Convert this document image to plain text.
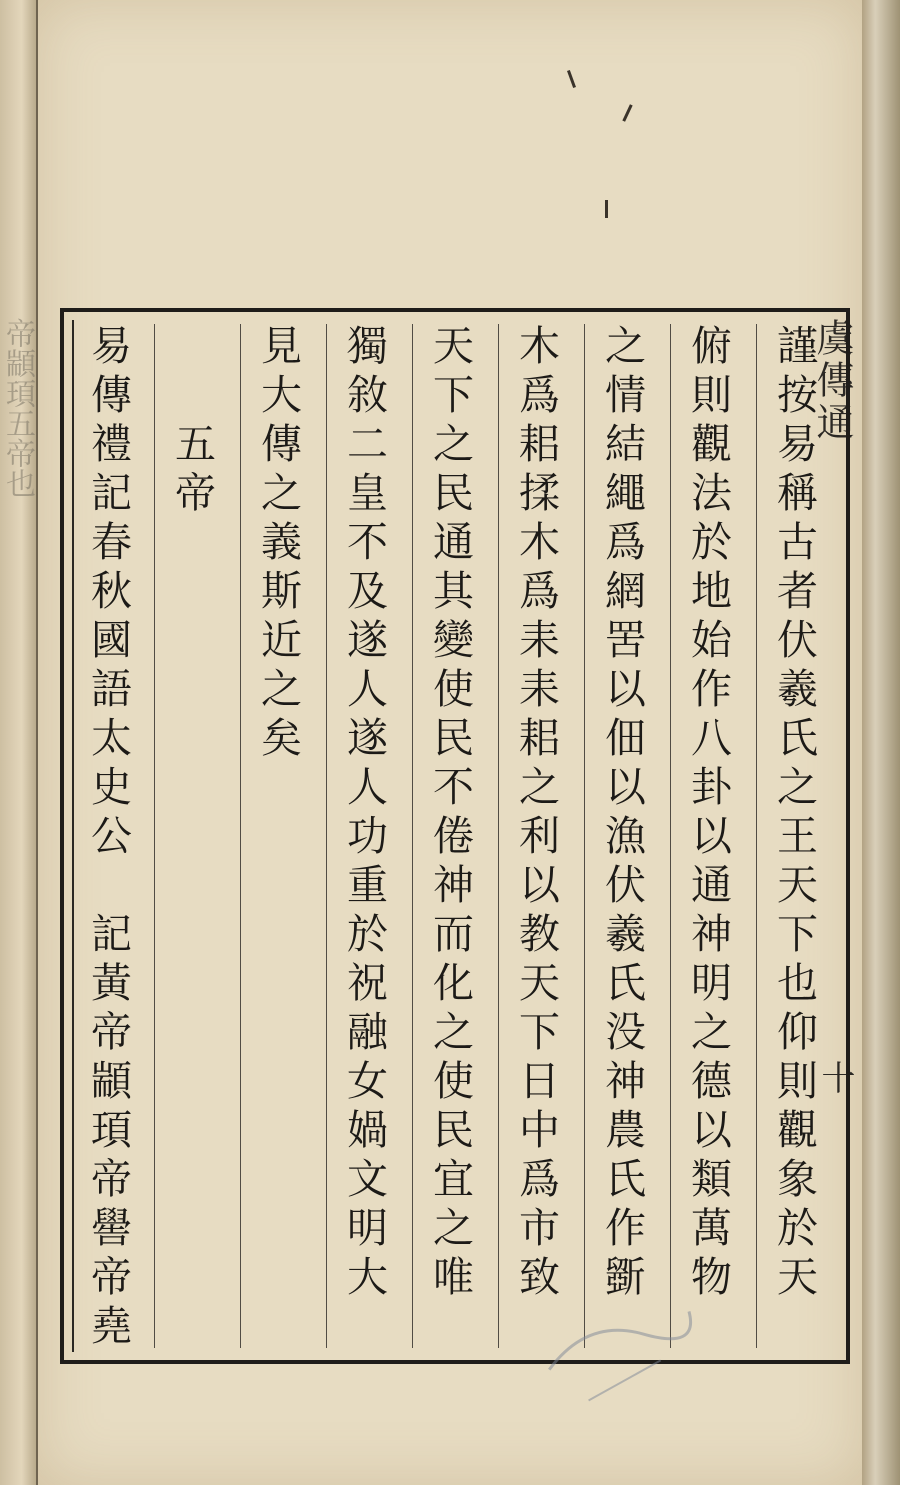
帝顓頊五帝也	虞傳通
十
謹按易稱古者伏羲氏之王天下也仰則觀象於天
俯則觀法於地始作八卦以通神明之德以類萬物
之情結繩爲網罟以佃以漁伏羲氏没神農氏作斵
木爲耜揉木爲耒耒耜之利以教天下日中爲市致
天下之民通其變使民不倦神而化之使民宜之唯
獨敘二皇不及遂人遂人功重於祝融女媧文明大
見大傳之義斯近之矣
　　五帝
易傳禮記春秋國語太史公　記黃帝顓頊帝嚳帝堯
